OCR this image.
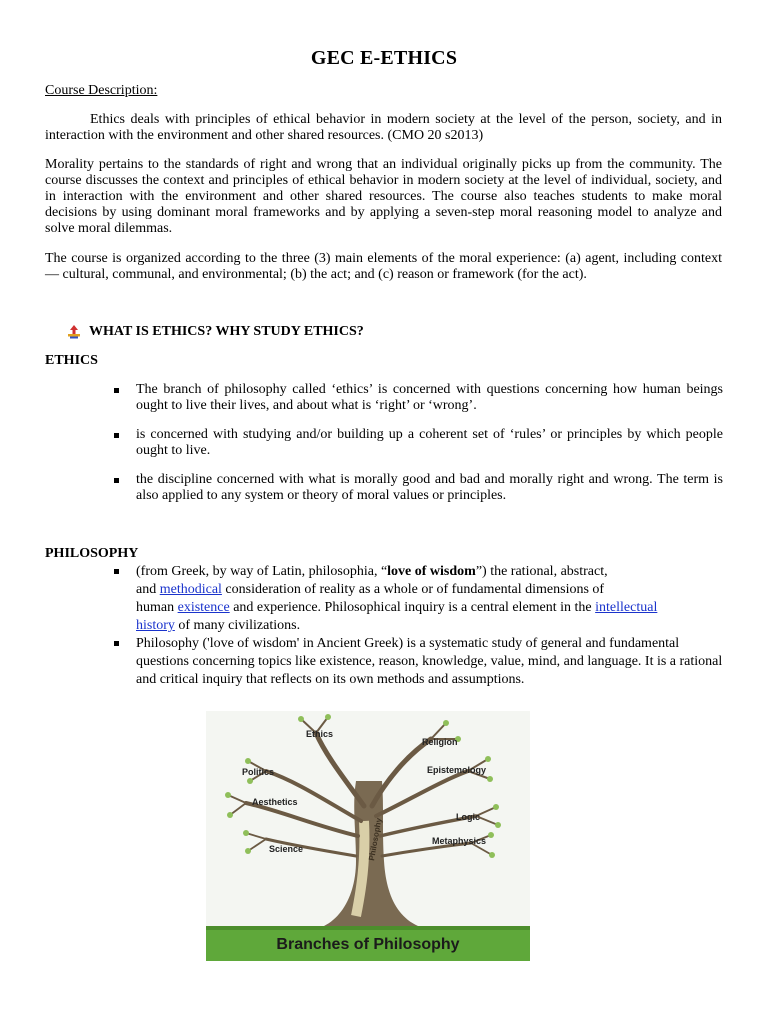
GEC E-ETHICS
Course Description:

Ethics deals with principles of ethical behavior in modern society at the level of the person, society, and in interaction with the environment and other shared resources. (CMO 20 s2013)

Morality pertains to the standards of right and wrong that an individual originally picks up from the community. The course discusses the context and principles of ethical behavior in modern society at the level of individual, society, and in interaction with the environment and other shared resources. The course also teaches students to make moral decisions by using dominant moral frameworks and by applying a seven-step moral reasoning model to analyze and solve moral dilemmas.

The course is organized according to the three (3) main elements of the moral experience: (a) agent, including context — cultural, communal, and environmental; (b) the act; and (c) reason or framework (for the act).

WHAT IS ETHICS? WHY STUDY ETHICS?
ETHICS
The branch of philosophy called ‘ethics’ is concerned with questions concerning how human beings ought to live their lives, and about what is ‘right’ or ‘wrong’.
is concerned with studying and/or building up a coherent set of ‘rules’ or principles by which people ought to live.
the discipline concerned with what is morally good and bad and morally right and wrong. The term is also applied to any system or theory of moral values or principles.
PHILOSOPHY
(from Greek, by way of Latin, philosophia, “love of wisdom”) the rational, abstract,
and methodical consideration of reality as a whole or of fundamental dimensions of
human existence and experience. Philosophical inquiry is a central element in the intellectual
history of many civilizations.
Philosophy ('love of wisdom' in Ancient Greek) is a systematic study of general and fundamental questions concerning topics like existence, reason, knowledge, value, mind, and language. It is a rational and critical inquiry that reflects on its own methods and assumptions.
Philosophy
Ethics
Religion
Politics	Epistemology
Aesthetics
Logic
Metaphysics
Science
Branches of Philosophy
